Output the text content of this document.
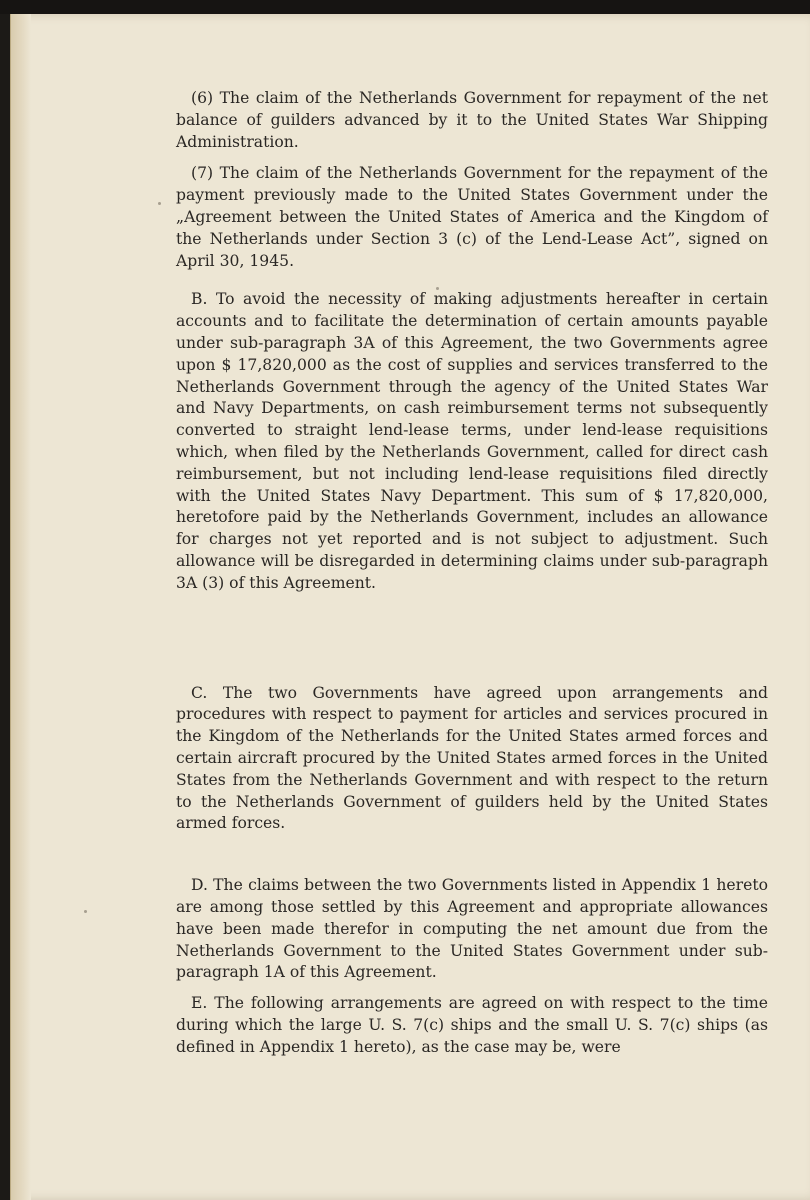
(6) The claim of the Netherlands Government for repayment of the net balance of guilders advanced by it to the United States War Shipping Administration.

(7) The claim of the Netherlands Government for the repayment of the payment previously made to the United States Government under the „Agreement between the United States of America and the Kingdom of the Netherlands under Section 3 (c) of the Lend-Lease Act”, signed on April 30, 1945.

B. To avoid the necessity of making adjustments hereafter in certain accounts and to facilitate the determination of certain amounts payable under sub-paragraph 3A of this Agreement, the two Governments agree upon $ 17,820,000 as the cost of supplies and services transferred to the Netherlands Government through the agency of the United States War and Navy Departments, on cash reimbursement terms not subsequently converted to straight lend-lease terms, under lend-lease requisitions which, when filed by the Netherlands Government, called for direct cash reimbursement, but not including lend-lease requisitions filed directly with the United States Navy Department. This sum of $ 17,820,000, heretofore paid by the Netherlands Government, includes an allowance for charges not yet reported and is not subject to adjustment. Such allowance will be disregarded in determining claims under sub-paragraph 3A (3) of this Agreement.

C. The two Governments have agreed upon arrangements and procedures with respect to payment for articles and services procured in the Kingdom of the Netherlands for the United States armed forces and certain aircraft procured by the United States armed forces in the United States from the Netherlands Government and with respect to the return to the Netherlands Government of guilders held by the United States armed forces.

D. The claims between the two Governments listed in Appendix 1 hereto are among those settled by this Agreement and appropriate allowances have been made therefor in computing the net amount due from the Netherlands Government to the United States Government under sub-paragraph 1A of this Agreement.

E. The following arrangements are agreed on with respect to the time during which the large U. S. 7(c) ships and the small U. S. 7(c) ships (as defined in Appendix 1 hereto), as the case may be, were
